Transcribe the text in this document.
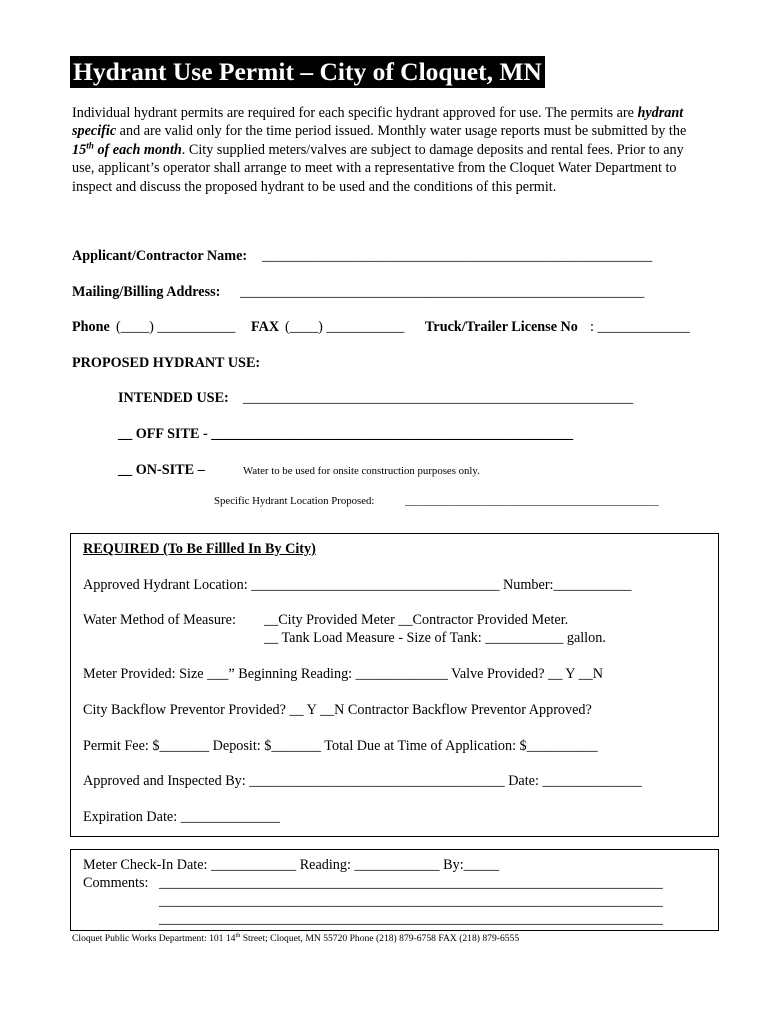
Hydrant Use Permit – City of Cloquet, MN
Individual hydrant permits are required for each specific hydrant approved for use. The permits are hydrant specific and are valid only for the time period issued. Monthly water usage reports must be submitted by the 15th of each month. City supplied meters/valves are subject to damage deposits and rental fees. Prior to any use, applicant’s operator shall arrange to meet with a representative from the Cloquet Water Department to inspect and discuss the proposed hydrant to be used and the conditions of this permit.
Applicant/Contractor Name: _______________________________________________________
Mailing/Billing Address: _________________________________________________________
Phone (____) ___________ FAX (____) ___________ Truck/Trailer License No : _____________
PROPOSED HYDRANT USE:
INTENDED USE: _______________________________________________________
__ OFF SITE - ___________________________________________________
__ ON-SITE –	Water to be used for onsite construction purposes only.
Specific Hydrant Location Proposed:	_______________________________________________
REQUIRED (To Be Fillled In By City)
Approved Hydrant Location: ___________________________________ Number:___________
Water Method of Measure: __City Provided Meter __Contractor Provided Meter.
__ Tank Load Measure - Size of Tank: ___________ gallon.
Meter Provided: Size ___” Beginning Reading: _____________ Valve Provided? __ Y __N
City Backflow Preventor Provided? __ Y __N Contractor Backflow Preventor Approved?
Permit Fee: $_______ Deposit: $_______ Total Due at Time of Application: $__________
Approved and Inspected By: ____________________________________ Date: ______________
Expiration Date: ______________
Meter Check-In Date: ____________ Reading: ____________ By:_____
Comments: _______________________________________________________________________
_______________________________________________________________________
_______________________________________________________________________
Cloquet Public Works Department: 101 14th Street; Cloquet, MN 55720 Phone (218) 879-6758 FAX (218) 879-6555
